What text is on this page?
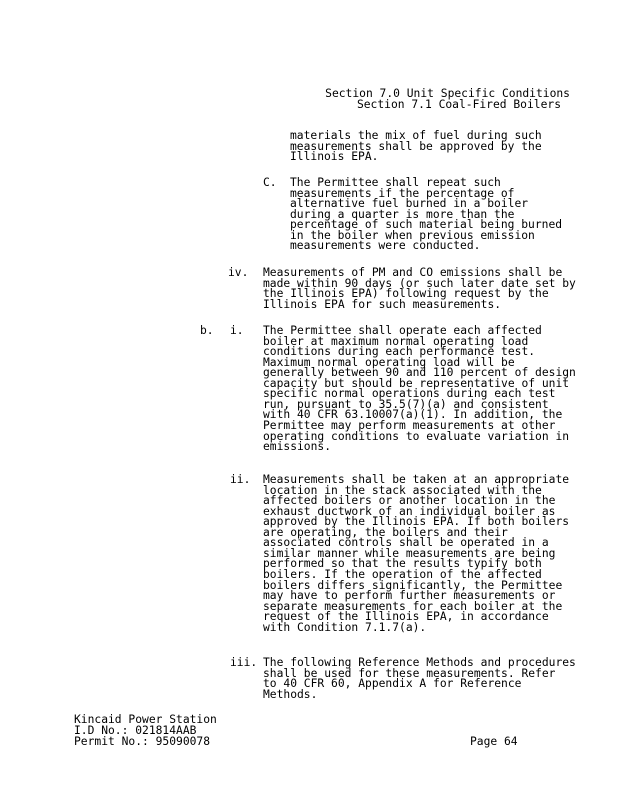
Section 7.0 Unit Specific Conditions
Section 7.1 Coal-Fired Boilers
materials the mix of fuel during such
measurements shall be approved by the
Illinois EPA.
C. The Permittee shall repeat such
measurements if the percentage of
alternative fuel burned in a boiler
during a quarter is more than the
percentage of such material being burned
in the boiler when previous emission
measurements were conducted.
iv. Measurements of PM and CO emissions shall be
made within 90 days (or such later date set by
the Illinois EPA) following request by the
Illinois EPA for such measurements.
b. i. The Permittee shall operate each affected
boiler at maximum normal operating load
conditions during each performance test.
Maximum normal operating load will be
generally between 90 and 110 percent of design
capacity but should be representative of unit
specific normal operations during each test
run, pursuant to 35.5(7)(a) and consistent
with 40 CFR 63.10007(a)(1). In addition, the
Permittee may perform measurements at other
operating conditions to evaluate variation in
emissions.
ii. Measurements shall be taken at an appropriate
location in the stack associated with the
affected boilers or another location in the
exhaust ductwork of an individual boiler as
approved by the Illinois EPA. If both boilers
are operating, the boilers and their
associated controls shall be operated in a
similar manner while measurements are being
performed so that the results typify both
boilers. If the operation of the affected
boilers differs significantly, the Permittee
may have to perform further measurements or
separate measurements for each boiler at the
request of the Illinois EPA, in accordance
with Condition 7.1.7(a).
iii. The following Reference Methods and procedures
shall be used for these measurements. Refer
to 40 CFR 60, Appendix A for Reference
Methods.
Kincaid Power Station
I.D No.: 021814AAB
Permit No.: 95090078	Page 64
